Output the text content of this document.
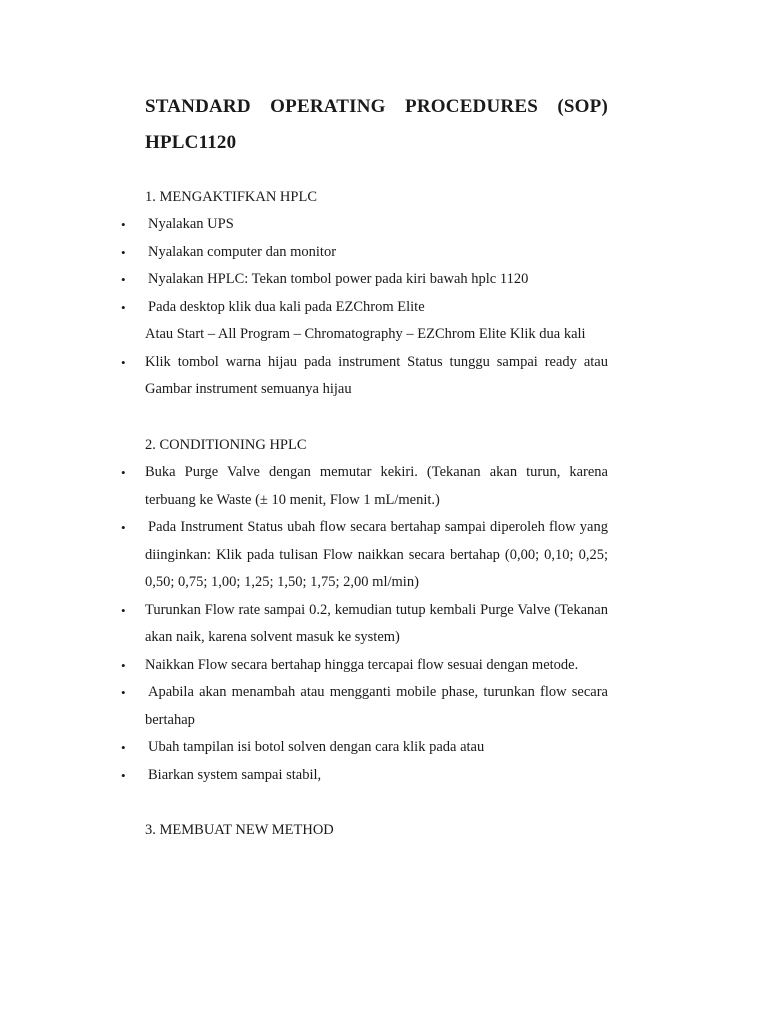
STANDARD OPERATING PROCEDURES (SOP)
HPLC1120

1. MENGAKTIFKAN HPLC

• Nyalakan UPS
• Nyalakan computer dan monitor
• Nyalakan HPLC: Tekan tombol power pada kiri bawah hplc 1120
• Pada desktop klik dua kali pada EZChrom Elite
Atau Start – All Program – Chromatography – EZChrom Elite Klik dua kali
• Klik tombol warna hijau pada instrument Status tunggu sampai ready atau Gambar instrument semuanya hijau

2. CONDITIONING HPLC

• Buka Purge Valve dengan memutar kekiri. (Tekanan akan turun, karena terbuang ke Waste (± 10 menit, Flow 1 mL/menit.)
• Pada Instrument Status ubah flow secara bertahap sampai diperoleh flow yang diinginkan: Klik pada tulisan Flow naikkan secara bertahap (0,00; 0,10; 0,25; 0,50; 0,75; 1,00; 1,25; 1,50; 1,75; 2,00 ml/min)
• Turunkan Flow rate sampai 0.2, kemudian tutup kembali Purge Valve (Tekanan akan naik, karena solvent masuk ke system)
• Naikkan Flow secara bertahap hingga tercapai flow sesuai dengan metode.
• Apabila akan menambah atau mengganti mobile phase, turunkan flow secara bertahap
• Ubah tampilan isi botol solven dengan cara klik pada atau
• Biarkan system sampai stabil,

3. MEMBUAT NEW METHOD
